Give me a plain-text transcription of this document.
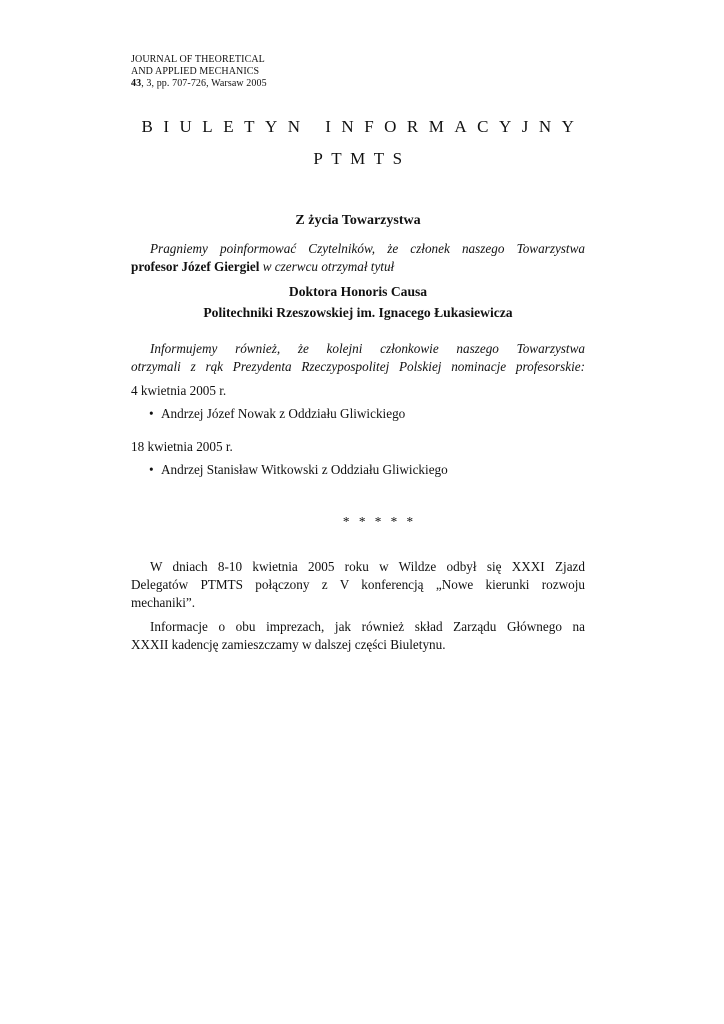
JOURNAL OF THEORETICAL
AND APPLIED MECHANICS
43, 3, pp. 707-726, Warsaw 2005
BIULETYN INFORMACYJNY
PTMTS
Z życia Towarzystwa
Pragniemy poinformować Czytelników, że członek naszego Towarzystwa
profesor Józef Giergiel w czerwcu otrzymał tytuł
Doktora Honoris Causa
Politechniki Rzeszowskiej im. Ignacego Łukasiewicza
Informujemy również, że kolejni członkowie naszego Towarzystwa
otrzymali z rąk Prezydenta Rzeczypospolitej Polskiej nominacje profesorskie:
4 kwietnia 2005 r.
• Andrzej Józef Nowak z Oddziału Gliwickiego
18 kwietnia 2005 r.
• Andrzej Stanisław Witkowski z Oddziału Gliwickiego
* * * * *
W dniach 8-10 kwietnia 2005 roku w Wildze odbył się XXXI Zjazd
Delegatów PTMTS połączony z V konferencją „Nowe kierunki rozwoju
mechaniki”.
Informacje o obu imprezach, jak również skład Zarządu Głównego na
XXXII kadencję zamieszczamy w dalszej części Biuletynu.
